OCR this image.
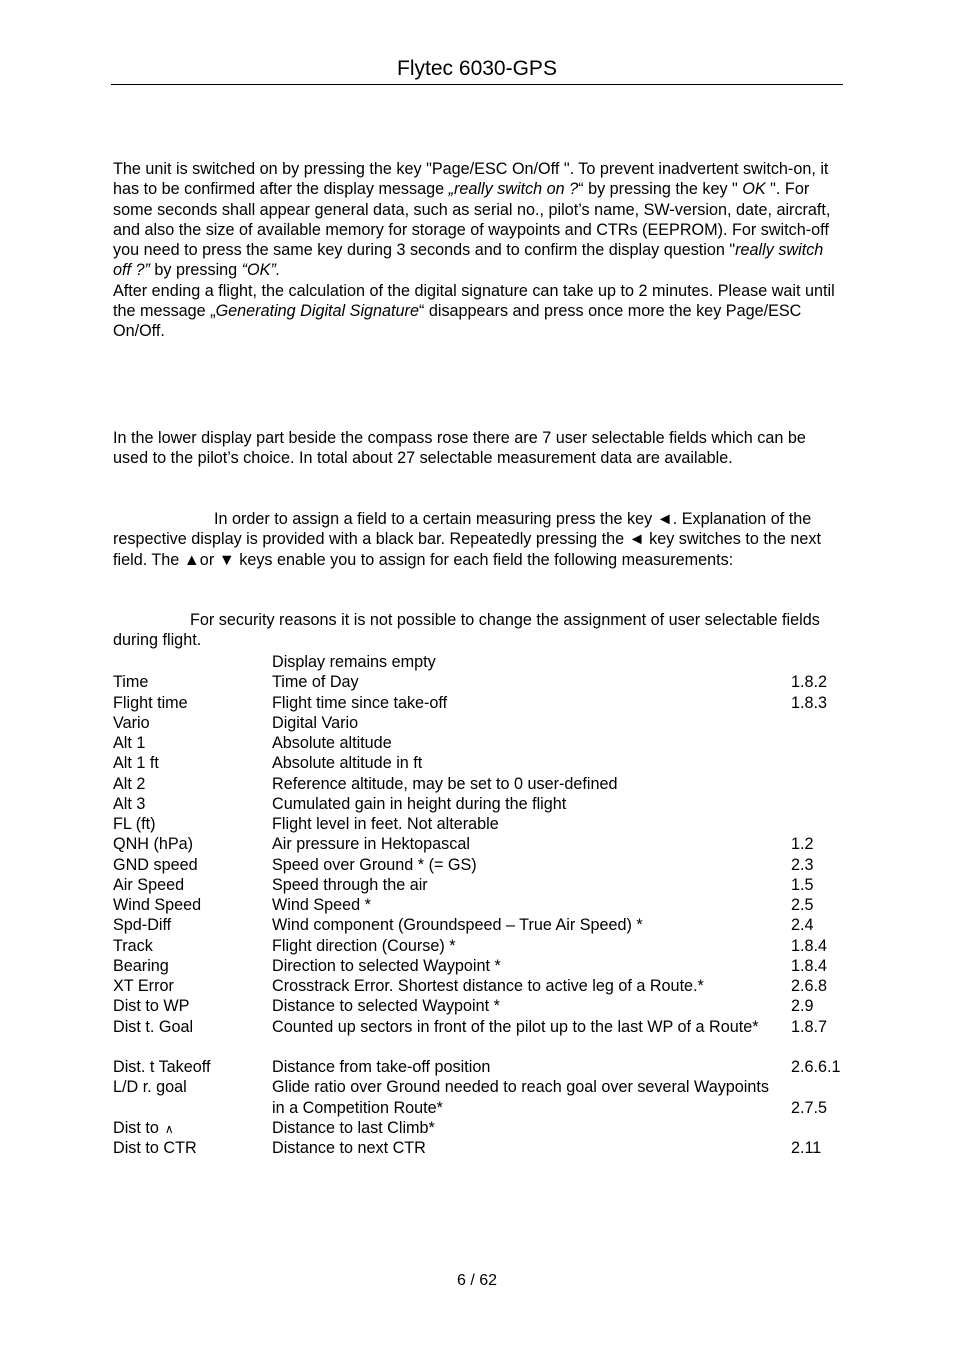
Flytec 6030-GPS

The unit is switched on by pressing the key "Page/ESC On/Off ". To prevent inadvertent switch-on, it has to be confirmed after the display message „really switch on ?“ by pressing the key " OK ". For some seconds shall appear general data, such as serial no., pilot’s name, SW-version, date, aircraft, and also the size of available memory for storage of waypoints and CTRs (EEPROM). For switch-off you need to press the same key during 3 seconds and to confirm the display question "really switch off ?” by pressing “OK”.

After ending a flight, the calculation of the digital signature can take up to 2 minutes. Please wait until the message „Generating Digital Signature“ disappears and press once more the key Page/ESC On/Off.

In the lower display part beside the compass rose there are 7 user selectable fields which can be used to the pilot’s choice. In total about 27 selectable measurement data are available.
In order to assign a field to a certain measuring press the key ◄. Explanation of the respective display is provided with a black bar. Repeatedly pressing the ◄ key switches to the next field. The ▲or ▼ keys enable you to assign for each field the following measurements:
For security reasons it is not possible to change the assignment of user selectable fields during flight.
Display remains empty
Time	Time of Day	1.8.2
Flight time	Flight time since take-off	1.8.3
Vario	Digital Vario
Alt 1	Absolute altitude
Alt 1 ft	Absolute altitude in ft
Alt 2	Reference altitude, may be set to 0 user-defined
Alt 3	Cumulated gain in height during the flight
FL (ft)	Flight level in feet. Not alterable
QNH (hPa)	Air pressure in Hektopascal	1.2
GND speed	Speed over Ground * (= GS)	2.3
Air Speed	Speed through the air	1.5
Wind Speed	Wind Speed *	2.5
Spd-Diff	Wind component (Groundspeed – True Air Speed) *	2.4
Track	Flight direction (Course) *	1.8.4
Bearing	Direction to selected Waypoint *	1.8.4
XT Error	Crosstrack Error. Shortest distance to active leg of a Route.*	2.6.8
Dist to WP	Distance to selected Waypoint *	2.9
Dist t. Goal	Counted up sectors in front of the pilot up to the last WP of a Route*	1.8.7
Dist. t Takeoff	Distance from take-off position	2.6.6.1
L/D r. goal	Glide ratio over Ground needed to reach goal over several Waypoints in a Competition Route*	2.7.5
Dist to ∧	Distance to last Climb*
Dist to CTR	Distance to next CTR	2.11
6 / 62
